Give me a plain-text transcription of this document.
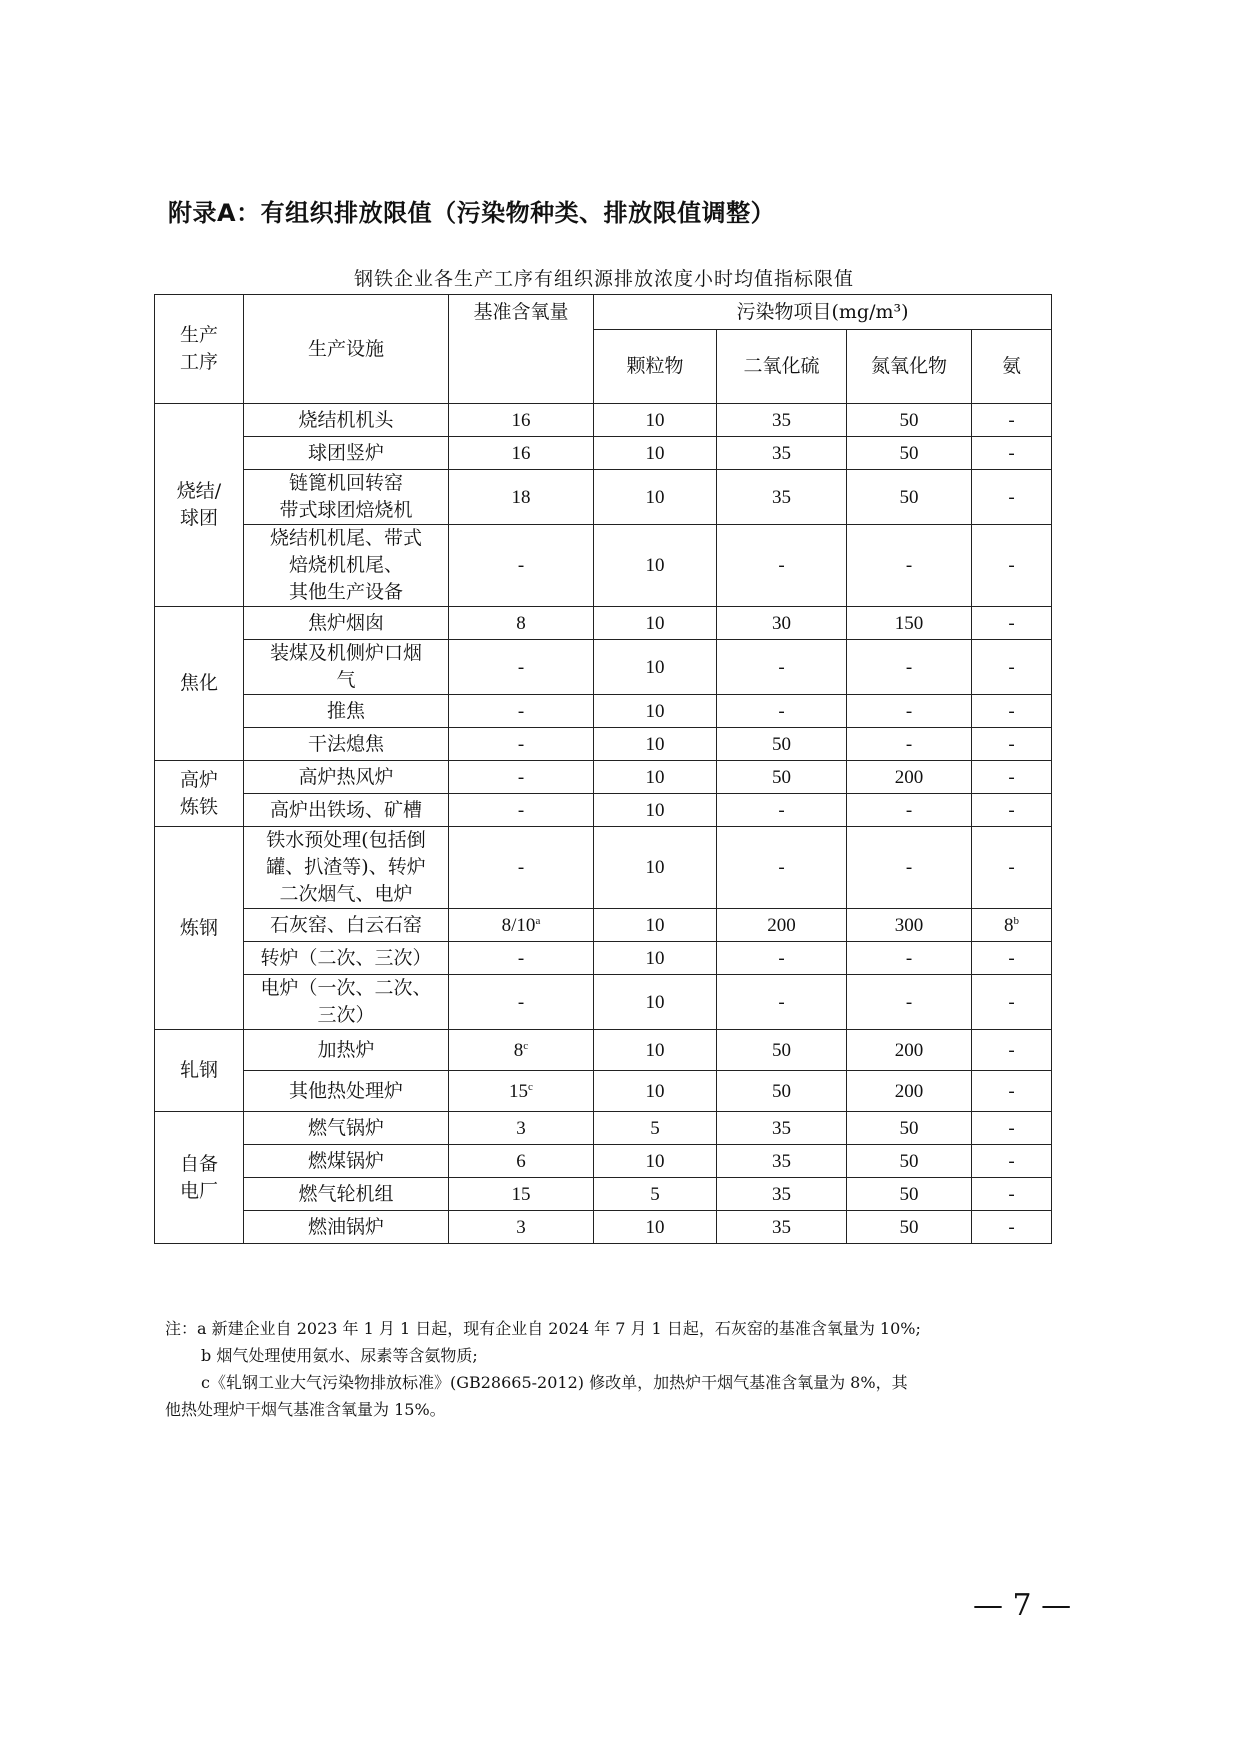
附录A：有组织排放限值（污染物种类、排放限值调整）
钢铁企业各生产工序有组织源排放浓度小时均值指标限值
生产
工序	生产设施	基准含氧量	污染物项目(mg/m³)			
			颗粒物	二氧化硫	氮氧化物	氨
烧结/
球团	烧结机机头	16	10	35	50	-
	球团竖炉	16	10	35	50	-
	链篦机回转窑
带式球团焙烧机	18	10	35	50	-
	烧结机机尾、带式
焙烧机机尾、
其他生产设备	-	10	-	-	-
焦化	焦炉烟囱	8	10	30	150	-
	装煤及机侧炉口烟
气	-	10	-	-	-
	推焦	-	10	-	-	-
	干法熄焦	-	10	50	-	-
高炉
炼铁	高炉热风炉	-	10	50	200	-
	高炉出铁场、矿槽	-	10	-	-	-
炼钢	铁水预处理(包括倒
罐、扒渣等)、转炉
二次烟气、电炉	-	10	-	-	-
	石灰窑、白云石窑	8/10$^a$	10	200	300	8$^b$
	转炉（二次、三次）	-	10	-	-	-
	电炉（一次、二次、
三次）	-	10	-	-	-
轧钢	加热炉	8$^c$	10	50	200	-
	其他热处理炉	15$^c$	10	50	200	-
自备
电厂	燃气锅炉	3	5	35	50	-
	燃煤锅炉	6	10	35	50	-
	燃气轮机组	15	5	35	50	-
	燃油锅炉	3	10	35	50	-

注：a 新建企业自 2023 年 1 月 1 日起，现有企业自 2024 年 7 月 1 日起，石灰窑的基准含氧量为 10%;

b 烟气处理使用氨水、尿素等含氨物质;

c《轧钢工业大气污染物排放标准》(GB28665-2012) 修改单，加热炉干烟气基准含氧量为 8%，其

他热处理炉干烟气基准含氧量为 15%。

— 7 —
